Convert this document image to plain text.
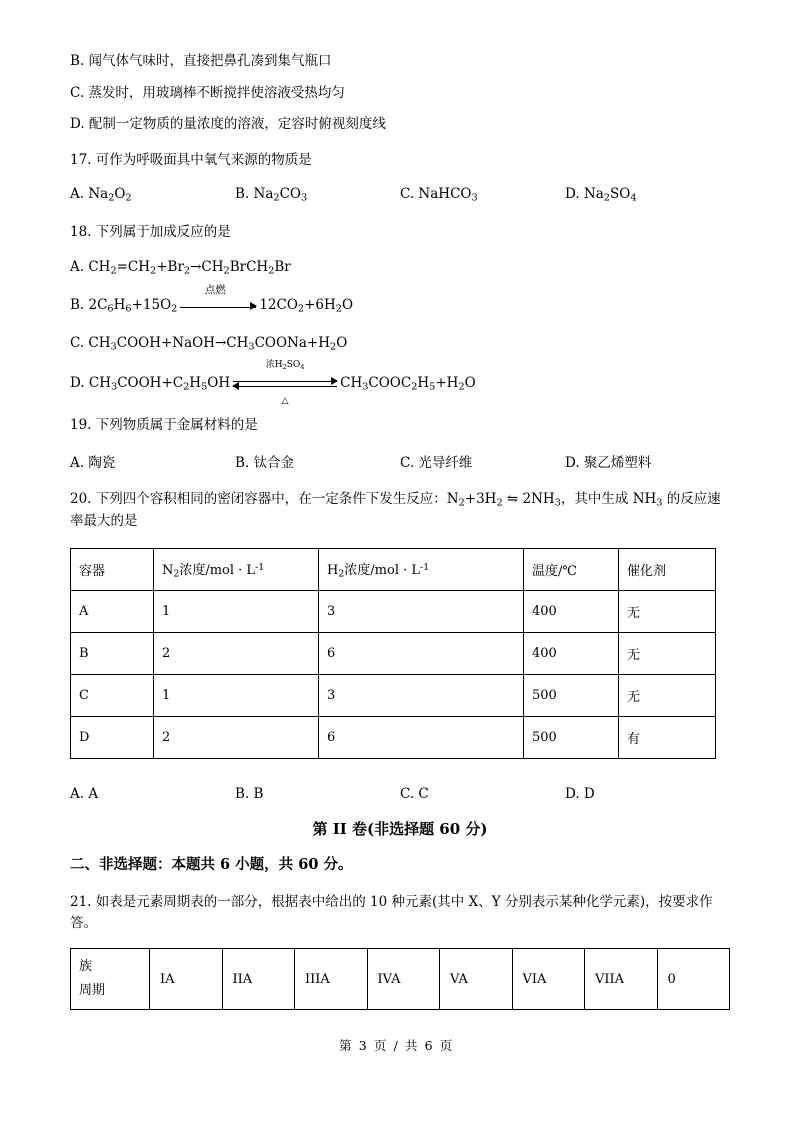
B. 闻气体气味时，直接把鼻孔凑到集气瓶口
C. 蒸发时，用玻璃棒不断搅拌使溶液受热均匀
D. 配制一定物质的量浓度的溶液，定容时俯视刻度线
17. 可作为呼吸面具中氧气来源的物质是
A. $Na_2O_2$	B. $Na_2CO_3$	C. NaHCO$_3$	D. $Na_2SO_4$
18. 下列属于加成反应的是
A. $CH_2=CH_2+Br_2\to CH_2BrCH_2Br$
B. $2C_6H_6+15O_2$
点燃
$12CO_2+6H_2O$
C. $CH_3COOH+NaOH\to CH_3COONa+H_2O$
D. $CH_3COOH+C_2H_5OH$
浓$H_2SO_4$
△
$CH_3COOC_2H_5+H_2O$
19. 下列物质属于金属材料的是
A. 陶瓷	B. 钛合金	C. 光导纤维	D. 聚乙烯塑料
20. 下列四个容积相同的密闭容器中，在一定条件下发生反应：$N_2+3H_2$ ⇋ $2NH_3$，其中生成 $NH_3$ 的反应速
率最大的是
容器	$N_2$浓度$/mol \cdot L^{-1}$	$H_2$浓度$/mol \cdot L^{-1}$	温度/℃	催化剂
A	1	3	400	无
B	2	6	400	无
C	1	3	500	无
D	2	6	500	有
A. A	B. B	C. C	D. D
第 II 卷(非选择题 60 分)
二、非选择题：本题共 6 小题，共 60 分。
21. 如表是元素周期表的一部分，根据表中给出的 10 种元素(其中 X、Y 分别表示某种化学元素)，按要求作
答。
族
周期	IA	IIA	IIIA	IVA	VA	VIA	VIIA	0
第 3 页 / 共 6 页
